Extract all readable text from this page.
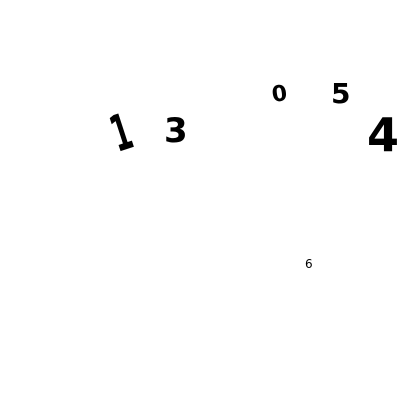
1 3
0 5
4
6
